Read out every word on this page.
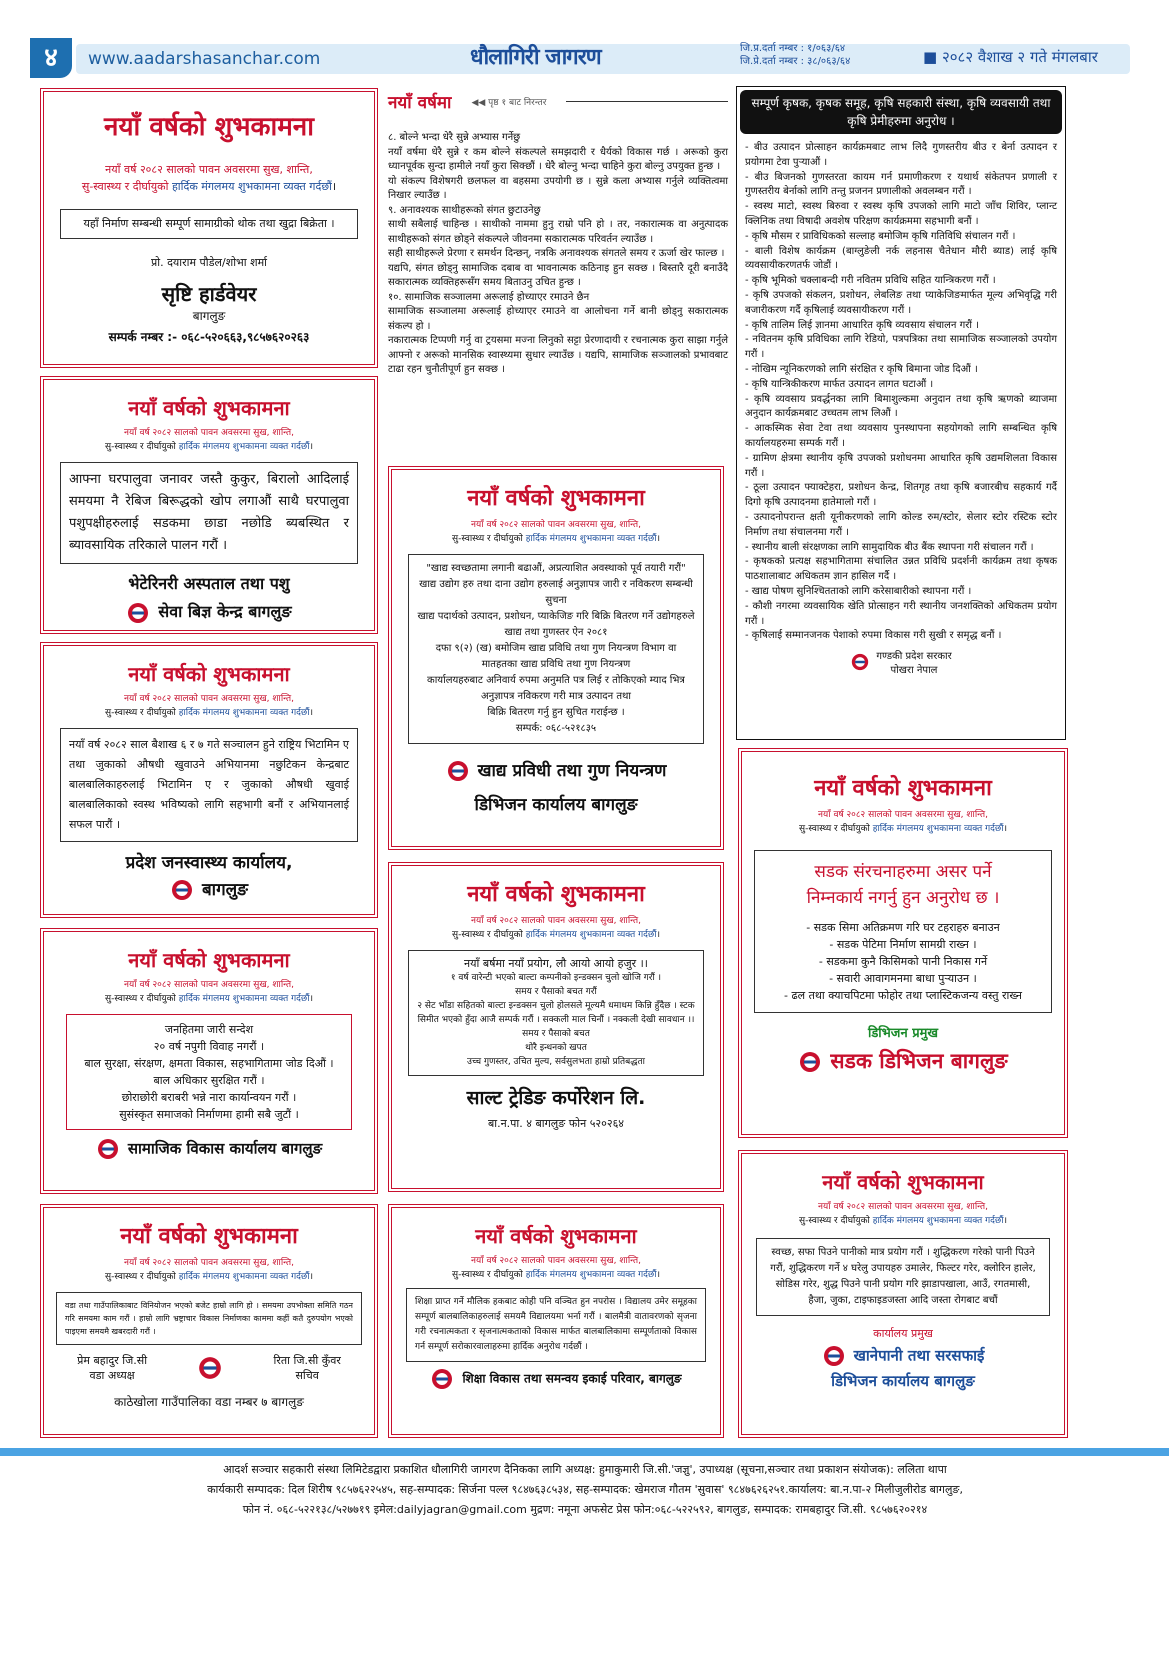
४	www.aadarshasanchar.com	धौलागिरी जागरण	जि.प्र.दर्ता नम्बर : १/०६३/६४
जि.प्रे.दर्ता नम्बर : ३८/०६३/६४	■ २०८२ वैशाख २ गते मंगलबार
नयाँ वर्षको शुभकामना
नयाँ वर्ष २०८२ सालको पावन अवसरमा सुख, शान्ति,
सु-स्वास्थ्य र दीर्घायुको हार्दिक मंगलमय शुभकामना व्यक्त गर्दछौं।
यहाँ निर्माण सम्बन्धी सम्पूर्ण सामाग्रीको थोक तथा खुद्रा बिक्रेता ।
प्रो. दयाराम पौडेल/शोभा शर्मा
सृष्टि हार्डवेयर
बागलुङ
सम्पर्क नम्बर :- ०६८-५२०६६३,९८५७६२०२६३
नयाँ वर्षको शुभकामना
नयाँ वर्ष २०८२ सालको पावन अवसरमा सुख, शान्ति,
सु-स्वास्थ्य र दीर्घायुको हार्दिक मंगलमय शुभकामना व्यक्त गर्दछौं।
आफ्ना घरपालुवा जनावर जस्तै कुकुर, बिरालो आदिलाई समयमा नै रेबिज बिरूद्धको खोप लगाऔं साथै घरपालुवा पशुपक्षीहरुलाई सडकमा छाडा नछोडि ब्यबस्थित र ब्यावसायिक तरिकाले पालन गरौं ।
भेटेरिनरी अस्पताल तथा पशु
सेवा बिज्ञ केन्द्र बागलुङ
नयाँ वर्षको शुभकामना
नयाँ वर्ष २०८२ सालको पावन अवसरमा सुख, शान्ति,
सु-स्वास्थ्य र दीर्घायुको हार्दिक मंगलमय शुभकामना व्यक्त गर्दछौं।
नयाँ वर्ष २०८२ साल बैशाख ६ र ७ गते सञ्चालन हुने राष्ट्रिय भिटामिन ए तथा जुकाको औषधी खुवाउने अभियानमा नछुटिकन केन्द्रबाट बालबालिकाहरुलाई भिटामिन ए र जुकाको औषधी खुवाई बालबालिकाको स्वस्थ भविष्यको लागि सहभागी बनौं र अभियानलाई सफल पारौं ।
प्रदेश जनस्वास्थ्य कार्यालय,
बागलुङ
नयाँ वर्षको शुभकामना
नयाँ वर्ष २०८२ सालको पावन अवसरमा सुख, शान्ति,
सु-स्वास्थ्य र दीर्घायुको हार्दिक मंगलमय शुभकामना व्यक्त गर्दछौं।
जनहितमा जारी सन्देश
२० वर्ष नपुगी विवाह नगरौं ।
बाल सुरक्षा, संरक्षण, क्षमता विकास, सहभागितामा जोड दिऔं ।
बाल अधिकार सुरक्षित गरौं ।
छोराछोरी बराबरी भन्ने नारा कार्यान्वयन गरौं ।
सुसंस्कृत समाजको निर्माणमा हामी सबै जुटौं ।
सामाजिक विकास कार्यालय बागलुङ
नयाँ वर्षको शुभकामना
नयाँ वर्ष २०८२ सालको पावन अवसरमा सुख, शान्ति,
सु-स्वास्थ्य र दीर्घायुको हार्दिक मंगलमय शुभकामना व्यक्त गर्दछौं।
वडा तथा गाउँपालिकाबाट विनियोजन भएको बजेट हाम्रो लागि हो । समयमा उपभोक्ता समिति गठन गरि समयमा काम गरौं । हाम्रो लागि भ्रष्ट्राचार विकास निर्माणका काममा कहीं कतै दुरुपयोग भएको पाइएमा समयमै खबरदारी गरौं ।
प्रेम बहादुर जि.सी
वडा अध्यक्ष
रिता जि.सी कुँवर
सचिव
काठेखोला गाउँपालिका वडा नम्बर ७ बागलुङ
नयाँ वर्षमा ◀◀ पृष्ठ १ बाट निरन्तर

८. बोल्ने भन्दा धेरै सुन्ने अभ्यास गर्नेछु

नयाँ वर्षमा धेरै सुन्ने र कम बोल्ने संकल्पले समझदारी र धैर्यको विकास गर्छ । अरूको कुरा ध्यानपूर्वक सुन्दा हामीले नयाँ कुरा सिक्छौं । धेरै बोल्नु भन्दा चाहिने कुरा बोल्नु उपयुक्त हुन्छ ।

यो संकल्प विशेषगरी छलफल वा बहसमा उपयोगी छ । सुन्ने कला अभ्यास गर्नुले व्यक्तित्वमा निखार ल्याउँछ ।

९. अनावश्यक साथीहरूको संगत छुटाउनेछु

साथी सबैलाई चाहिन्छ । साथीको नाममा हुनु राम्रो पनि हो । तर, नकारात्मक वा अनुत्पादक साथीहरूको संगत छोड्ने संकल्पले जीवनमा सकारात्मक परिवर्तन ल्याउँछ ।

सही साथीहरूले प्रेरणा र समर्थन दिन्छन्, नत्रकि अनावश्यक संगतले समय र ऊर्जा खेर फाल्छ ।

यद्यपि, संगत छोड्नु सामाजिक दबाब वा भावनात्मक कठिनाइ हुन सक्छ । बिस्तारै दूरी बनाउँदै सकारात्मक व्यक्तिहरूसँग समय बिताउनु उचित हुन्छ ।

१०. सामाजिक सञ्जालमा अरूलाई होच्याएर रमाउने छैन

सामाजिक सञ्जालमा अरूलाई होच्याएर रमाउने वा आलोचना गर्ने बानी छोड्नु सकारात्मक संकल्प हो ।

नकारात्मक टिप्पणी गर्नु वा ट्रयसमा मज्ना लिनुको सट्टा प्रेरणादायी र रचनात्मक कुरा साझा गर्नुले आफ्नो र अरूको मानसिक स्वास्थ्यमा सुधार ल्याउँछ । यद्यपि, सामाजिक सञ्जालको प्रभावबाट टाढा रहन चुनौतीपूर्ण हुन सक्छ ।

नयाँ वर्षको शुभकामना
नयाँ वर्ष २०८२ सालको पावन अवसरमा सुख, शान्ति,
सु-स्वास्थ्य र दीर्घायुको हार्दिक मंगलमय शुभकामना व्यक्त गर्दछौं।
"खाद्य स्वच्छतामा लगानी बढाऔं, अप्रत्याशित अवस्थाको पूर्व तयारी गरौं"
खाद्य उद्योग हरु तथा दाना उद्योग हरुलाई अनुज्ञापत्र जारी र नविकरण सम्बन्धी सुचना
खाद्य पदार्थको उत्पादन, प्रशोधन, प्याकेजिङ गरि बिक्रि बितरण गर्ने उद्योगहरुले खाद्य तथा गुणस्तर ऐन २०८१
दफा ९(२) (ख) बमोजिम खाद्य प्रविधि तथा गुण नियन्त्रण विभाग वा मातहतका खाद्य प्रविधि तथा गुण नियन्त्रण
कार्यालयहरुबाट अनिवार्य रुपमा अनुमति पत्र लिई र तोकिएको म्याद भित्र अनुज्ञापत्र नविकरण गरी मात्र उत्पादन तथा
बिक्रि बितरण गर्नु हुन सुचित गराईन्छ ।
सम्पर्क: ०६८-५२१८३५
खाद्य प्रविधी तथा गुण नियन्त्रण
डिभिजन कार्यालय बागलुङ
नयाँ वर्षको शुभकामना
नयाँ वर्ष २०८२ सालको पावन अवसरमा सुख, शान्ति,
सु-स्वास्थ्य र दीर्घायुको हार्दिक मंगलमय शुभकामना व्यक्त गर्दछौं।
नयाँ बर्षमा नयाँ प्रयोग, लौ आयो आयो हजुर ।।
१ वर्ष वारेन्टी भएको बाल्टा कम्पनीको इन्डक्सन चुलो खोजि गरौं ।
समय र पैसाको बचत गरौं
२ सेट भाँडा सहितको बाल्टा इन्डक्सन चुलो होलसले मूल्यमै धमाधम किन्नि हुँदैछ । स्टक सिमीत भएको हुँदा आजै सम्पर्क गरौं । सक्कली माल चिनौं । नक्कली देखी सावधान ।।
समय र पैसाको बचत
थोरै इन्धनको खपत
उच्च गुणस्तर, उचित मुल्य, सर्वसुलभता हाम्रो प्रतिबद्धता
साल्ट ट्रेडिङ कर्पोरेशन लि.
बा.न.पा. ४ बागलुङ फोन ५२०२६४
नयाँ वर्षको शुभकामना
नयाँ वर्ष २०८२ सालको पावन अवसरमा सुख, शान्ति,
सु-स्वास्थ्य र दीर्घायुको हार्दिक मंगलमय शुभकामना व्यक्त गर्दछौं।
शिक्षा प्राप्त गर्ने मौलिक हकबाट कोही पनि वञ्चित हुन नपरोस । विद्यालय उमेर समूहका सम्पूर्ण बालबालिकाहरुलाई समयमै विद्यालयमा भर्ना गरौं । बालमैत्री वातावरणको सृजना गरी रचनात्मकता र सृजनात्मकताको विकास मार्फत बालबालिकामा सम्पूर्णताको विकास गर्न सम्पूर्ण सरोकारवालाहरुमा हार्दिक अनुरोध गर्दछौं ।
शिक्षा विकास तथा समन्वय इकाई परिवार, बागलुङ
सम्पूर्ण कृषक, कृषक समूह, कृषि सहकारी संस्था, कृषि व्यवसायी तथा कृषि प्रेमीहरुमा अनुरोध ।
- बीउ उत्पादन प्रोत्साहन कार्यक्रमबाट लाभ लिदै गुणस्तरीय बीउ र बेर्ना उत्पादन र प्रयोगमा टेवा पुऱ्याऔं ।
- बीउ बिजनको गुणस्तरता कायम गर्न प्रमाणीकरण र यथार्थ संकेतपन प्रणाली र गुणस्तरीय बेर्नाको लागि तन्तु प्रजनन प्रणालीको अवलम्बन गरौं ।
- स्वस्थ माटो, स्वस्थ बिरुवा र स्वस्थ कृषि उपजको लागि माटो जाँच शिविर, प्लान्ट क्लिनिक तथा विषादी अवशेष परिक्षण कार्यक्रममा सहभागी बनौं ।
- कृषि मौसम र प्राविधिकको सल्लाह बमोजिम कृषि गतिविधि संचालन गरौं ।
- बाली विशेष कार्यक्रम (बाग्लुङेली नर्क लहनास चैतेधान मौरी ब्याड) लाई कृषि व्यवसायीकरणतर्फ जोडौं ।
- कृषि भूमिको चक्लाबन्दी गरी नवितम प्रविधि सहित यान्त्रिकरण गरौं ।
- कृषि उपजको संकलन, प्रशोधन, लेबलिङ तथा प्याकेजिङमार्फत मूल्य अभिवृद्धि गरी बजारीकरण गर्दै कृषिलाई व्यवसायीकरण गरौं ।
- कृषि तालिम लिई ज्ञानमा आधारित कृषि व्यवसाय संचालन गरौं ।
- नवितनम कृषि प्रविधिका लागि रेडियो, पत्रपत्रिका तथा सामाजिक सञ्जालको उपयोग गरौं ।
- नोखिम न्यूनिकरणको लागि संरक्षित र कृषि बिमाना जोड दिऔं ।
- कृषि यान्त्रिकीकरण मार्फत उत्पादन लागत घटाऔं ।
- कृषि व्यवसाय प्रवर्द्धनका लागि बिमाशुल्कमा अनुदान तथा कृषि ऋणको ब्याजमा अनुदान कार्यक्रमबाट उच्चतम लाभ लिऔं ।
- आकस्मिक सेवा टेवा तथा व्यवसाय पुनस्थापना सहयोगको लागि सम्बन्धित कृषि कार्यालयहरुमा सम्पर्क गरौं ।
- ग्रामिण क्षेत्रमा स्थानीय कृषि उपजको प्रशोधनमा आधारित कृषि उद्यमशिलता विकास गरौं ।
- ठूला उत्पादन फ्याक्टेहरा, प्रशोधन केन्द्र, शितगृह तथा कृषि बजारबीच सहकार्य गर्दै दिगो कृषि उत्पादनमा हातेमालो गरौं ।
- उत्पादनोपरान्त क्षती यूनीकरणको लागि कोल्ड रुम/स्टोर, सेलार स्टोर रस्टिक स्टोर निर्माण तथा संचालनमा गरौं ।
- स्थानीय बाली संरक्षणका लागि सामुदायिक बीउ बैंक स्थापना गरी संचालन गरौं ।
- कृषकको प्रत्यक्ष सहभागितामा संचालित उन्नत प्रविधि प्रदर्शनी कार्यक्रम तथा कृषक पाठशालाबाट अधिकतम ज्ञान हासिल गर्दै ।
- खाद्य पोषण सुनिश्चितताको लागि करेसाबारीको स्थापना गरौं ।
- कौशी नगरमा व्यवसायिक खेति प्रोत्साहन गरी स्थानीय जनशक्तिको अधिकतम प्रयोग गरौं ।
- कृषिलाई सम्मानजनक पेशाको रुपमा विकास गरी सुखी र समृद्ध बनौं ।
गण्डकी प्रदेश सरकार
पोखरा नेपाल
नयाँ वर्षको शुभकामना
नयाँ वर्ष २०८२ सालको पावन अवसरमा सुख, शान्ति,
सु-स्वास्थ्य र दीर्घायुको हार्दिक मंगलमय शुभकामना व्यक्त गर्दछौं।
सडक संरचनाहरुमा असर पर्ने
निम्नकार्य नगर्नु हुन अनुरोध छ ।
- सडक सिमा अतिक्रमण गरि घर टहराहरु बनाउन
- सडक पेटिमा निर्माण सामग्री राख्न ।
- सडकमा कुनै किसिमको पानी निकास गर्ने
- सवारी आवागमनमा बाधा पुऱ्याउन ।
- ढल तथा क्याचपिटमा फोहोर तथा प्लास्टिकजन्य वस्तु राख्न
डिभिजन प्रमुख
सडक डिभिजन बागलुङ
नयाँ वर्षको शुभकामना
नयाँ वर्ष २०८२ सालको पावन अवसरमा सुख, शान्ति,
सु-स्वास्थ्य र दीर्घायुको हार्दिक मंगलमय शुभकामना व्यक्त गर्दछौं।
स्वच्छ, सफा पिउने पानीको मात्र प्रयोग गरौं । शुद्धिकरण गरेको पानी पिउने गरौं, शुद्धिकरण गर्ने ४ घरेलु उपायहरु उमालेर, फिल्टर गरेर, क्लोरिन हालेर, सोडिस गरेर, शुद्ध पिउने पानी प्रयोग गरि झाडापखाला, आउँ, रगतमासी, हैजा, जुका, टाइफाइडजस्ता आदि जस्ता रोगबाट बचौं
कार्यालय प्रमुख
खानेपानी तथा सरसफाई
डिभिजन कार्यालय बागलुङ
आदर्श सञ्चार सहकारी संस्था लिमिटेडद्वारा प्रकाशित धौलागिरी जागरण दैनिकका लागि अध्यक्ष: हुमाकुमारी जि.सी.'जज्ञु', उपाध्यक्ष (सूचना,सञ्चार तथा प्रकाशन संयोजक): ललिता थापा
कार्यकारी सम्पादक: दिल शिरीष ९८५७६२२५४५, सह-सम्पादक: सिर्जना पल्ल ९८४७६३८५३४, सह-सम्पादक: खेमराज गौतम 'सुवास' ९८४७६२६२५१.कार्यालय: बा.न.पा-२ मिलीजुलीरोड बागलुङ,
फोन नं. ०६८-५२२१३८/५२७७१९ इमेल:dailyjagran@gmail.com मुद्रण: नमूना अफसेट प्रेस फोन:०६८-५२२५९२, बागलुङ, सम्पादक: रामबहादुर जि.सी. ९८५७६२०२१४
